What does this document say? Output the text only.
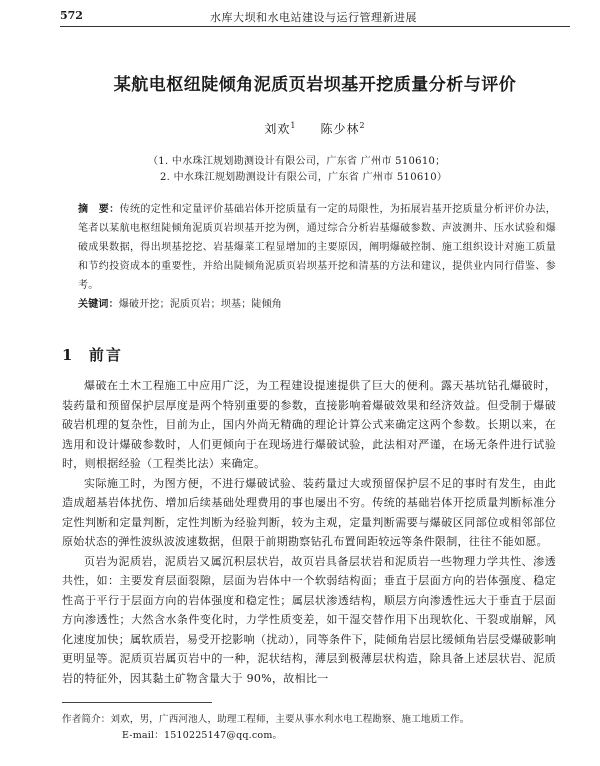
572	水库大坝和水电站建设与运行管理新进展
某航电枢纽陡倾角泥质页岩坝基开挖质量分析与评价
刘欢$^1$ 陈少林$^2$
（1. 中水珠江规划勘测设计有限公司，广东省 广州市 510610；
2. 中水珠江规划勘测设计有限公司，广东省 广州市 510610）
摘　要：传统的定性和定量评价基础岩体开挖质量有一定的局限性，为拓展岩基开挖质量分析评价办法，笔者以某航电枢纽陡倾角泥质页岩坝基开挖为例，通过综合分析岩基爆破参数、声波测井、压水试验和爆破成果数据，得出坝基挖挖、岩基爆菜工程显增加的主要原因，阐明爆破控制、施工组织设计对施工质量和节约投资成本的重要性，并给出陡倾角泥质页岩坝基开挖和清基的方法和建议，提供业内同行借鉴、参考。
关键词：爆破开挖；泥质页岩；坝基；陡倾角
1 前言

爆破在土木工程施工中应用广泛，为工程建设提速提供了巨大的便利。露天基坑钻孔爆破时，装药量和预留保护层厚度是两个特别重要的参数，直接影响着爆破效果和经济效益。但受制于爆破破岩机理的复杂性，目前为止，国内外尚无精确的理论计算公式来确定这两个参数。长期以来，在选用和设计爆破参数时，人们更倾向于在现场进行爆破试验，此法相对严谨，在场无条件进行试验时，则根据经验（工程类比法）来确定。

实际施工时，为图方便，不进行爆破试验、装药量过大或预留保护层不足的事时有发生，由此造成超基岩体扰伤、增加后续基础处理费用的事也屡出不穷。传统的基础岩体开挖质量判断标准分定性判断和定量判断，定性判断为经验判断，较为主观，定量判断需要与爆破区同部位或相邻部位原始状态的弹性波纵波波速数据，但限于前期勘察钻孔布置间距较远等条件限制，往往不能如愿。

页岩为泥质岩，泥质岩又属沉积层状岩，故页岩具备层状岩和泥质岩一些物理力学共性、渗透共性，如：主要发育层面裂隙，层面为岩体中一个软弱结构面；垂直于层面方向的岩体强度、稳定性高于平行于层面方向的岩体强度和稳定性；属层状渗透结构，顺层方向渗透性远大于垂直于层面方向渗透性；大然含水条件变化时，力学性质变差，如干湿交替作用下出现软化、干裂或崩解，风化速度加快；属软质岩，易受开挖影响（扰动），同等条件下，陡倾角岩层比缓倾角岩层受爆破影响更明显等。泥质页岩属页岩中的一种，泥状结构，薄层到极薄层状构造，除具备上述层状岩、泥质岩的特征外，因其黏土矿物含量大于 90%，故相比一

作者简介：刘欢，男，广西河池人，助理工程师，主要从事水利水电工程勘察、施工地质工作。
E-mail：1510225147@qq.com。
